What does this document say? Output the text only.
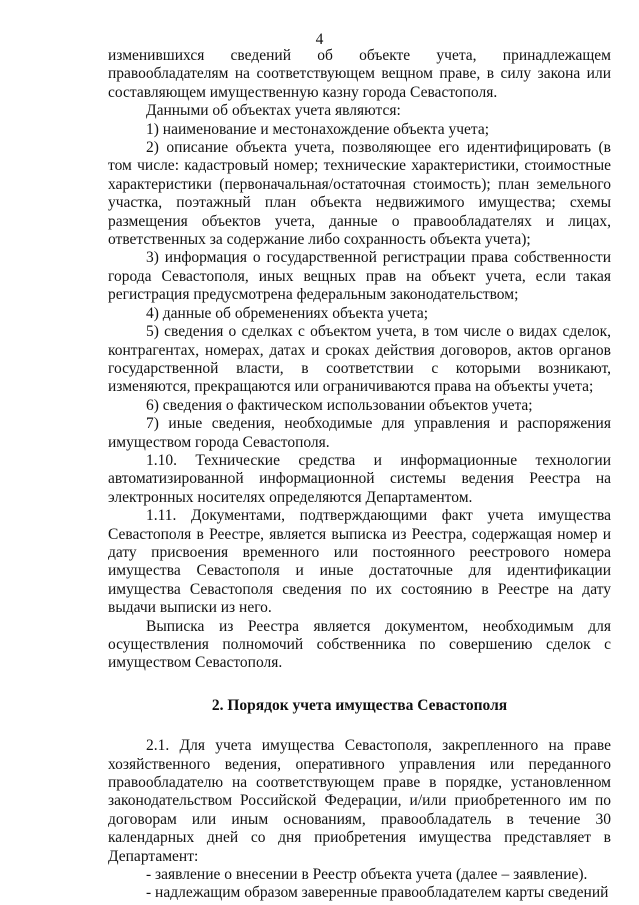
4

изменившихся сведений об объекте учета, принадлежащем правообладателям на соответствующем вещном праве, в силу закона или составляющем имущественную казну города Севастополя.

Данными об объектах учета являются:

1) наименование и местонахождение объекта учета;

2) описание объекта учета, позволяющее его идентифицировать (в том числе: кадастровый номер; технические характеристики, стоимостные характеристики (первоначальная/остаточная стоимость); план земельного участка, поэтажный план объекта недвижимого имущества; схемы размещения объектов учета, данные о правообладателях и лицах, ответственных за содержание либо сохранность объекта учета);

3) информация о государственной регистрации права собственности города Севастополя, иных вещных прав на объект учета, если такая регистрация предусмотрена федеральным законодательством;

4) данные об обременениях объекта учета;

5) сведения о сделках с объектом учета, в том числе о видах сделок, контрагентах, номерах, датах и сроках действия договоров, актов органов государственной власти, в соответствии с которыми возникают, изменяются, прекращаются или ограничиваются права на объекты учета;

6) сведения о фактическом использовании объектов учета;

7) иные сведения, необходимые для управления и распоряжения имуществом города Севастополя.

1.10. Технические средства и информационные технологии автоматизированной информационной системы ведения Реестра на электронных носителях определяются Департаментом.

1.11. Документами, подтверждающими факт учета имущества Севастополя в Реестре, является выписка из Реестра, содержащая номер и дату присвоения временного или постоянного реестрового номера имущества Севастополя и иные достаточные для идентификации имущества Севастополя сведения по их состоянию в Реестре на дату выдачи выписки из него.

Выписка из Реестра является документом, необходимым для осуществления полномочий собственника по совершению сделок с имуществом Севастополя.

2. Порядок учета имущества Севастополя

2.1. Для учета имущества Севастополя, закрепленного на праве хозяйственного ведения, оперативного управления или переданного правообладателю на соответствующем праве в порядке, установленном законодательством Российской Федерации, и/или приобретенного им по договорам или иным основаниям, правообладатель в течение 30 календарных дней со дня приобретения имущества представляет в Департамент:

- заявление о внесении в Реестр объекта учета (далее – заявление).

- надлежащим образом заверенные правообладателем карты сведений
